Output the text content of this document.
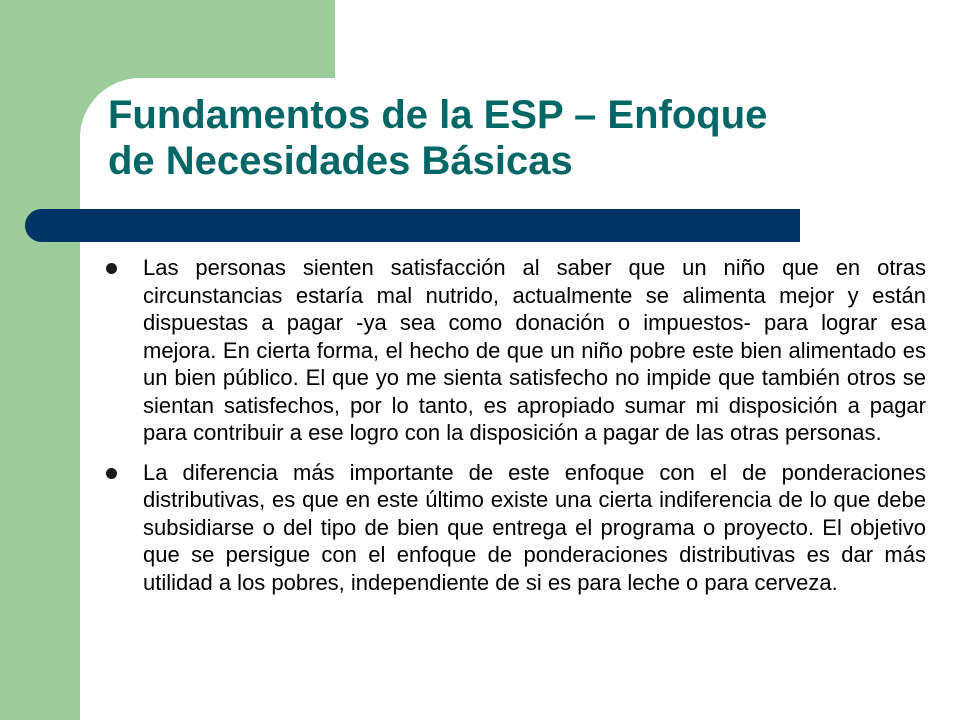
Fundamentos de la ESP – Enfoque
de Necesidades Básicas

Las personas sienten satisfacción al saber que un niño que en otras circunstancias estaría mal nutrido, actualmente se alimenta mejor y están dispuestas a pagar -ya sea como donación o impuestos- para lograr esa mejora. En cierta forma, el hecho de que un niño pobre este bien alimentado es un bien público. El que yo me sienta satisfecho no impide que también otros se sientan satisfechos, por lo tanto, es apropiado sumar mi disposición a pagar para contribuir a ese logro con la disposición a pagar de las otras personas.

La diferencia más importante de este enfoque con el de ponderaciones distributivas, es que en este último existe una cierta indiferencia de lo que debe subsidiarse o del tipo de bien que entrega el programa o proyecto. El objetivo que se persigue con el enfoque de ponderaciones distributivas es dar más utilidad a los pobres, independiente de si es para leche o para cerveza.
